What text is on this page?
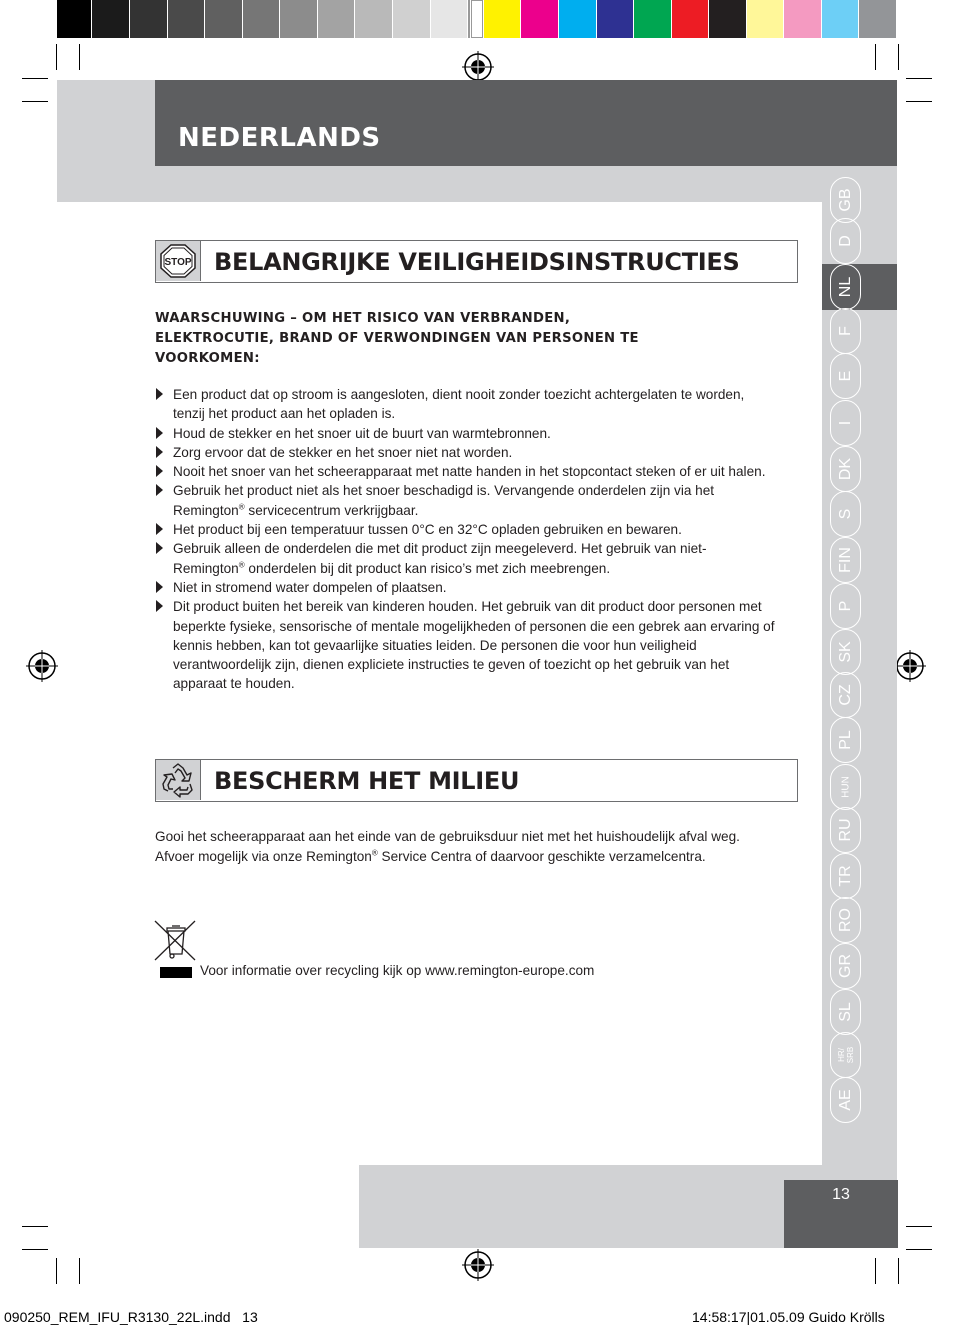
NEDERLANDS
GB
D
NL
F
E
I
DK
S
FIN
P
SK
CZ
PL
HUN
RU
TR
RO
GR
SL
HR/ SRB
AE
13
STOP BELANGRIJKE VEILIGHEIDSINSTRUCTIES
WAARSCHUWING – OM HET RISICO VAN VERBRANDEN,
ELEKTROCUTIE, BRAND OF VERWONDINGEN VAN PERSONEN TE
VOORKOMEN:
Een product dat op stroom is aangesloten, dient nooit zonder toezicht achtergelaten te worden, tenzij het product aan het opladen is.
Houd de stekker en het snoer uit de buurt van warmtebronnen.
Zorg ervoor dat de stekker en het snoer niet nat worden.
Nooit het snoer van het scheerapparaat met natte handen in het stopcontact steken of er uit halen.
Gebruik het product niet als het snoer beschadigd is. Vervangende onderdelen zijn via het Remington® servicecentrum verkrijgbaar.
Het product bij een temperatuur tussen 0°C en 32°C opladen gebruiken en bewaren.
Gebruik alleen de onderdelen die met dit product zijn meegeleverd. Het gebruik van niet-Remington® onderdelen bij dit product kan risico’s met zich meebrengen.
Niet in stromend water dompelen of plaatsen.
Dit product buiten het bereik van kinderen houden. Het gebruik van dit product door personen met beperkte fysieke, sensorische of mentale mogelijkheden of personen die een gebrek aan ervaring of kennis hebben, kan tot gevaarlijke situaties leiden. De personen die voor hun veiligheid verantwoordelijk zijn, dienen expliciete instructies te geven of toezicht op het gebruik van het apparaat te houden.
BESCHERM HET MILIEU
Gooi het scheerapparaat aan het einde van de gebruiksduur niet met het huishoudelijk afval weg. Afvoer mogelijk via onze Remington® Service Centra of daarvoor geschikte verzamelcentra.
Voor informatie over recycling kijk op www.remington-europe.com
090250_REM_IFU_R3130_22L.indd   13	14:58:17|01.05.09 Guido Krölls
